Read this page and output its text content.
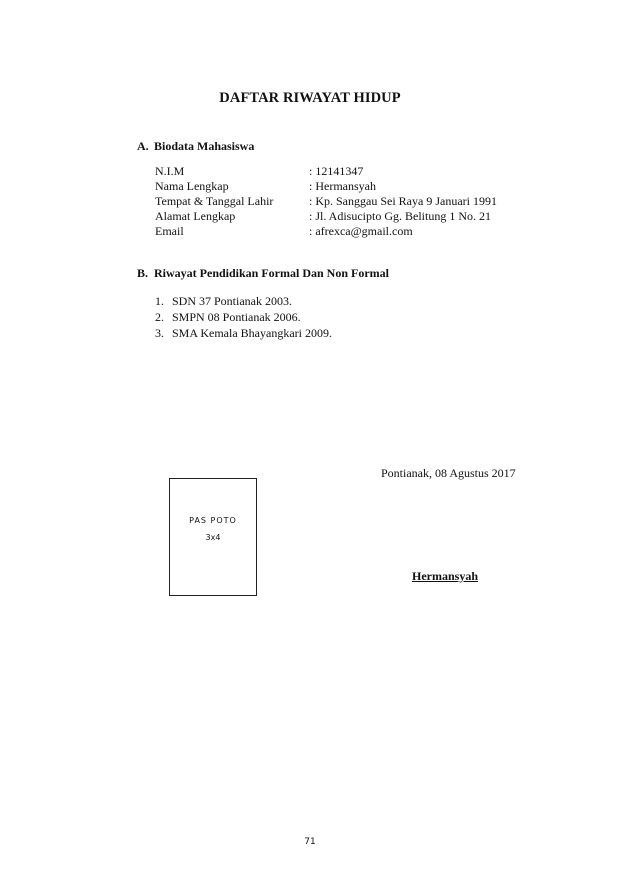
DAFTAR RIWAYAT HIDUP
A. Biodata Mahasiswa
N.I.M	: 12141347
Nama Lengkap	: Hermansyah
Tempat & Tanggal Lahir	: Kp. Sanggau Sei Raya 9 Januari 1991
Alamat Lengkap	: Jl. Adisucipto Gg. Belitung 1 No. 21
Email	: afrexca@gmail.com
B. Riwayat Pendidikan Formal Dan Non Formal
1. SDN 37 Pontianak 2003.
2. SMPN 08 Pontianak 2006.
3. SMA Kemala Bhayangkari 2009.
Pontianak, 08 Agustus 2017
PAS POTO
3x4
Hermansyah
71
